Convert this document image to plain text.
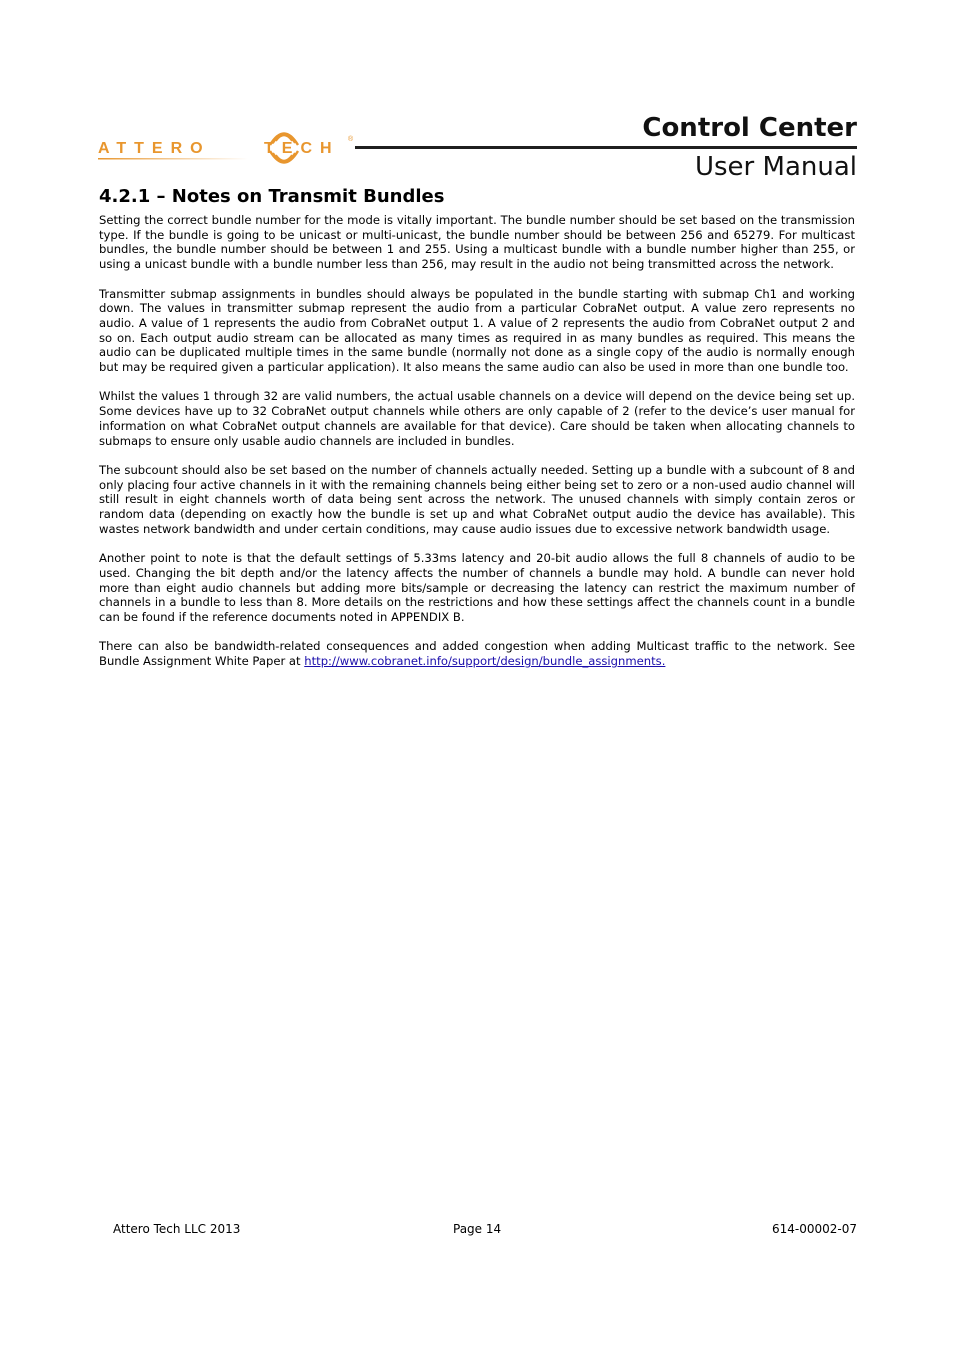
ATTERO	TECH
®	Control Center
User Manual
4.2.1 – Notes on Transmit Bundles

Setting the correct bundle number for the mode is vitally important. The bundle number should be set based on the transmission type. If the bundle is going to be unicast or multi-unicast, the bundle number should be between 256 and 65279. For multicast bundles, the bundle number should be between 1 and 255. Using a multicast bundle with a bundle number higher than 255, or using a unicast bundle with a bundle number less than 256, may result in the audio not being transmitted across the network.

Transmitter submap assignments in bundles should always be populated in the bundle starting with submap Ch1 and working down. The values in transmitter submap represent the audio from a particular CobraNet output. A value zero represents no audio. A value of 1 represents the audio from CobraNet output 1. A value of 2 represents the audio from CobraNet output 2 and so on. Each output audio stream can be allocated as many times as required in as many bundles as required. This means the audio can be duplicated multiple times in the same bundle (normally not done as a single copy of the audio is normally enough but may be required given a particular application). It also means the same audio can also be used in more than one bundle too.

Whilst the values 1 through 32 are valid numbers, the actual usable channels on a device will depend on the device being set up. Some devices have up to 32 CobraNet output channels while others are only capable of 2 (refer to the device’s user manual for information on what CobraNet output channels are available for that device). Care should be taken when allocating channels to submaps to ensure only usable audio channels are included in bundles.

The subcount should also be set based on the number of channels actually needed. Setting up a bundle with a subcount of 8 and only placing four active channels in it with the remaining channels being either being set to zero or a non-used audio channel will still result in eight channels worth of data being sent across the network. The unused channels with simply contain zeros or random data (depending on exactly how the bundle is set up and what CobraNet output audio the device has available). This wastes network bandwidth and under certain conditions, may cause audio issues due to excessive network bandwidth usage.

Another point to note is that the default settings of 5.33ms latency and 20-bit audio allows the full 8 channels of audio to be used. Changing the bit depth and/or the latency affects the number of channels a bundle may hold. A bundle can never hold more than eight audio channels but adding more bits/sample or decreasing the latency can restrict the maximum number of channels in a bundle to less than 8. More details on the restrictions and how these settings affect the channels count in a bundle can be found if the reference documents noted in APPENDIX B.

There can also be bandwidth-related consequences and added congestion when adding Multicast traffic to the network. See Bundle Assignment White Paper at http://www.cobranet.info/support/design/bundle_assignments.

Attero Tech LLC 2013	Page 14	614-00002-07
